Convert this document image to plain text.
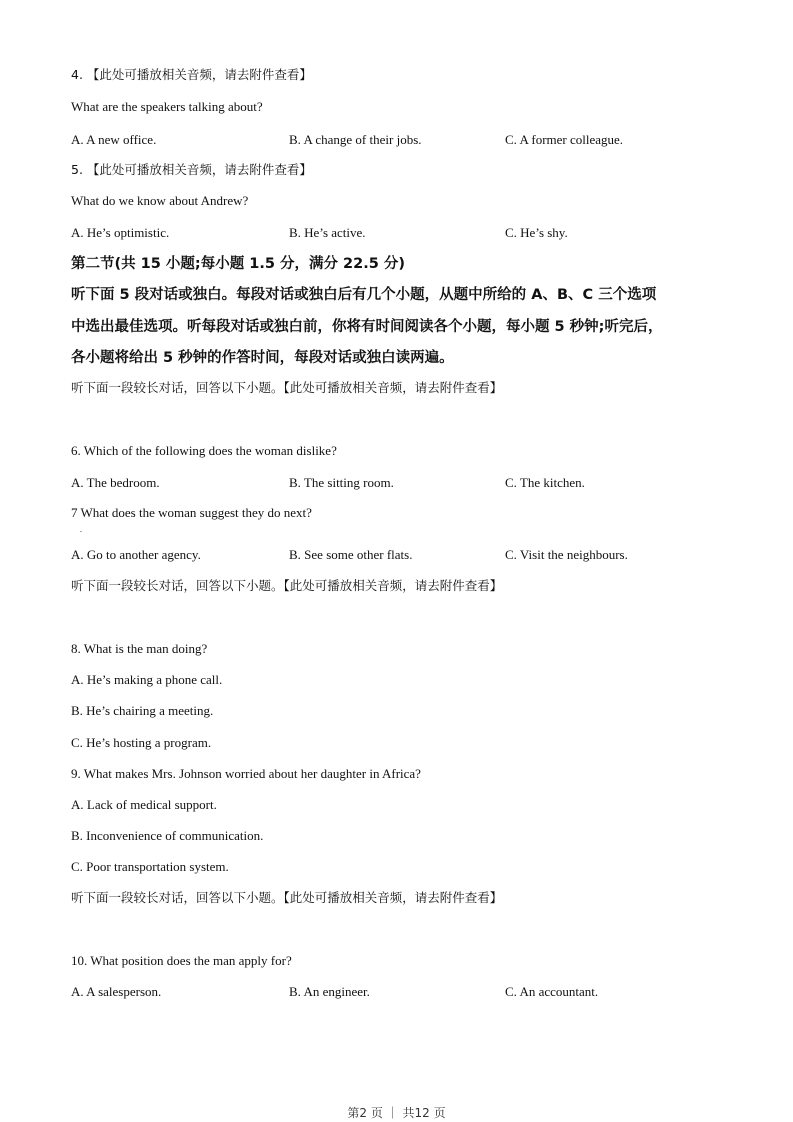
4. 【此处可播放相关音频，请去附件查看】
What are the speakers talking about?
A. A new office.	B. A change of their jobs.	C. A former colleague.
5. 【此处可播放相关音频，请去附件查看】
What do we know about Andrew?
A. He’s optimistic.	B. He’s active.	C. He’s shy.
第二节(共 15 小题;每小题 1.5 分，满分 22.5 分)
听下面 5 段对话或独白。每段对话或独白后有几个小题，从题中所给的 A、B、C 三个选项
中选出最佳选项。听每段对话或独白前，你将有时间阅读各个小题，每小题 5 秒钟;听完后，
各小题将给出 5 秒钟的作答时间，每段对话或独白读两遍。
听下面一段较长对话，回答以下小题。【此处可播放相关音频，请去附件查看】
6. Which of the following does the woman dislike?
A. The bedroom.	B. The sitting room.	C. The kitchen.
7 What does the woman suggest they do next?
.
A. Go to another agency.	B. See some other flats.	C. Visit the neighbours.
听下面一段较长对话，回答以下小题。【此处可播放相关音频，请去附件查看】
8. What is the man doing?
A. He’s making a phone call.
B. He’s chairing a meeting.
C. He’s hosting a program.
9. What makes Mrs. Johnson worried about her daughter in Africa?
A. Lack of medical support.
B. Inconvenience of communication.
C. Poor transportation system.
听下面一段较长对话，回答以下小题。【此处可播放相关音频，请去附件查看】
10. What position does the man apply for?
A. A salesperson.	B. An engineer.	C. An accountant.
第2 页 ｜ 共12 页
